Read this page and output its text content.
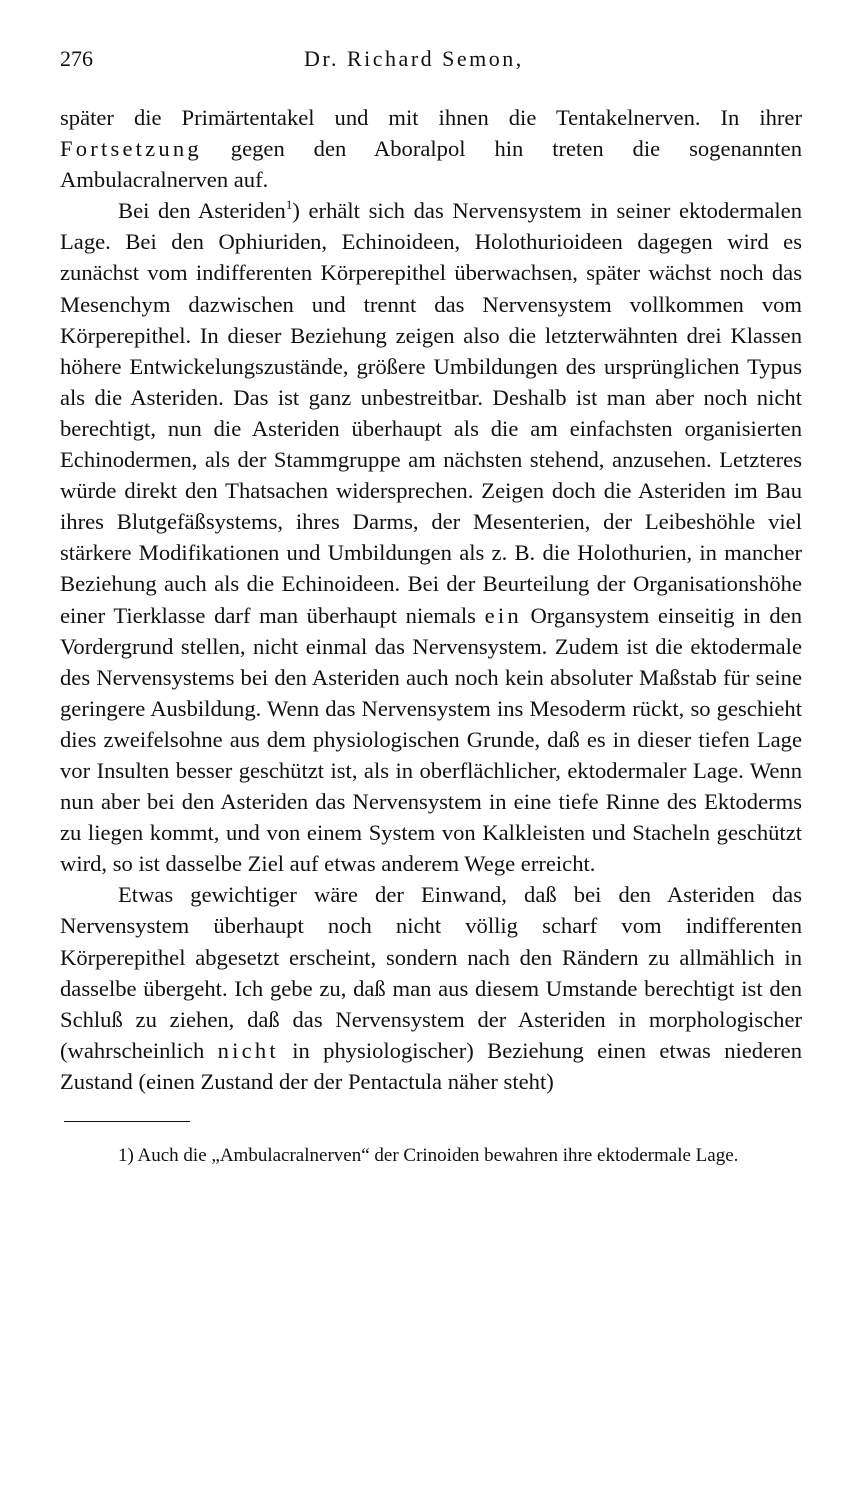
276	Dr. Richard Semon,

später die Primärtentakel und mit ihnen die Tentakelnerven. In ihrer Fortsetzung gegen den Aboralpol hin treten die sogenannten Ambulacralnerven auf.

Bei den Asteriden$^1$) erhält sich das Nervensystem in seiner ektodermalen Lage. Bei den Ophiuriden, Echinoideen, Holothurioideen dagegen wird es zunächst vom indifferenten Körperepithel überwachsen, später wächst noch das Mesenchym dazwischen und trennt das Nervensystem vollkommen vom Körperepithel. In dieser Beziehung zeigen also die letzterwähnten drei Klassen höhere Entwickelungszustände, größere Umbildungen des ursprünglichen Typus als die Asteriden. Das ist ganz unbestreitbar. Deshalb ist man aber noch nicht berechtigt, nun die Asteriden überhaupt als die am einfachsten organisierten Echinodermen, als der Stammgruppe am nächsten stehend, anzusehen. Letzteres würde direkt den Thatsachen widersprechen. Zeigen doch die Asteriden im Bau ihres Blutgefäßsystems, ihres Darms, der Mesenterien, der Leibeshöhle viel stärkere Modifikationen und Umbildungen als z. B. die Holothurien, in mancher Beziehung auch als die Echinoideen. Bei der Beurteilung der Organisationshöhe einer Tierklasse darf man überhaupt niemals ein Organsystem einseitig in den Vordergrund stellen, nicht einmal das Nervensystem. Zudem ist die ektodermale des Nervensystems bei den Asteriden auch noch kein absoluter Maßstab für seine geringere Ausbildung. Wenn das Nervensystem ins Mesoderm rückt, so geschieht dies zweifelsohne aus dem physiologischen Grunde, daß es in dieser tiefen Lage vor Insulten besser geschützt ist, als in oberflächlicher, ektodermaler Lage. Wenn nun aber bei den Asteriden das Nervensystem in eine tiefe Rinne des Ektoderms zu liegen kommt, und von einem System von Kalkleisten und Stacheln geschützt wird, so ist dasselbe Ziel auf etwas anderem Wege erreicht.

Etwas gewichtiger wäre der Einwand, daß bei den Asteriden das Nervensystem überhaupt noch nicht völlig scharf vom indifferenten Körperepithel abgesetzt erscheint, sondern nach den Rändern zu allmählich in dasselbe übergeht. Ich gebe zu, daß man aus diesem Umstande berechtigt ist den Schluß zu ziehen, daß das Nervensystem der Asteriden in morphologischer (wahrscheinlich nicht in physiologischer) Beziehung einen etwas niederen Zustand (einen Zustand der der Pentactula näher steht)

1) Auch die „Ambulacralnerven“ der Crinoiden bewahren ihre ektodermale Lage.
